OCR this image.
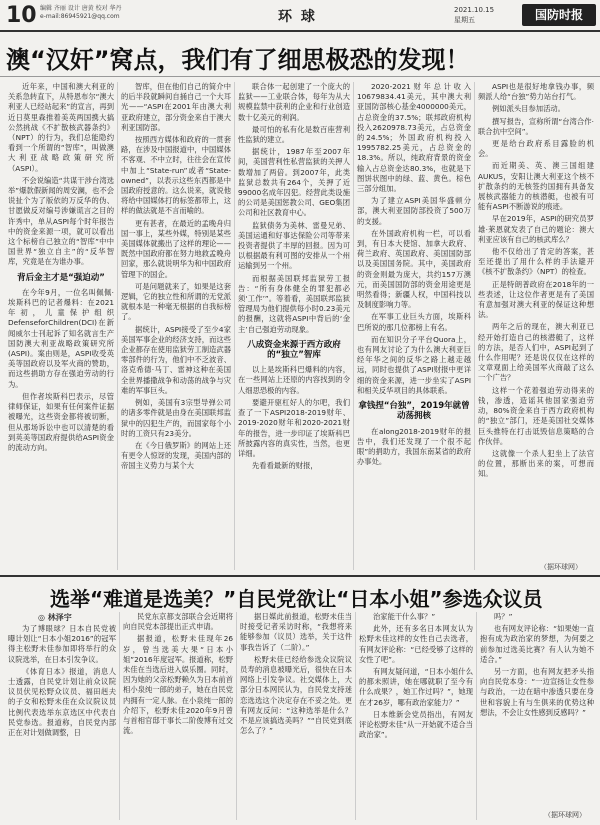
10 编辑 齐丽 设计 唐黄 校对 华丹
e-mail:86945921@qq.com	环 球	2021.10.15
星期五	国防时报
澳“汉奸”窝点，我们有了细思极恐的发现！

近年来，中国和澳大利亚的关系急转直下，从特恩布尔“澳大利亚人已经站起来”的宣言，再到近日莫里森推着美英两国携大搞公然挑战《不扩散核武器条约》（NPT）的行为，我们总能隐约看到一个所谓的“智库”，叫做澳大利亚战略政策研究所（ASPI）。

不会说编造“共谋干涉台湾选举”爆款假新闻的周安澜，也不会说扯个为了版依的万反华的伪、甘愿做反对编号涉嫌谎言之目的许秀中，单从ASPI每个时年报告中的资金来源一项，就可以看出这个标榜自己独立的“智库”中中国世界“独立自主”的“反华智库，究竟是在为谁办事。

背后金主才是“强迫动”

在今年9月，一位名叫佩佩·埃斯科巴的记者爆料：在2021年初，儿童保护组织DefenseforChildren(DCI)在新闻威尔士刊起诉了知名就言生产国防澳大利亚战略政策研究所(ASPI)。案由则是，ASPI收受英美等国政府以及军火商的赞助，而这些捐助方存在强迫劳动的行为。

但作者埃斯科巴表示，尽管律师保证，如果有任何案件证据被曝光，这些资金都将被切断，但从那场诉讼中也可以清楚的看到英美等国政府提供给ASPI资金的流动方向。

智库，但在他们自己的简介中的后半段就瞬间自捅自己一个大耳光——“ASPI在2001年由澳大利亚政府建立，部分资金来自于澳大利亚国防部。

按照西方媒体和政府的一贯套路，在涉及中国报道中，中国媒体不客观、不中立时，往往会在宣传中加上“State-run”或者“State-owned”，以表示这些东西都是中国政府授意的。这么说来，就说他将给中国媒体打的标签都带上，这样的做法就是不言而喻的。

更有甚者，在最近的孟晚舟归国一事上，某些外媒，特别是某些美国媒体就搬出了这样的理论——既然中国政府都在努力地救孟晚舟回家，那么就说明华为和中国政府管理下的国企。

可是问题就来了，如果是这套逻辑，它的独立性和所谓的无党派就根本是一种毫无根据的自我标榜了。

据统计，ASPI接受了至少4家美国军事企业的经济支持，而这些企业都存在使用监狱劳工制造武器零部件的行为，他们中不乏波音、洛克希德·马丁、雷神这种在美国全世界播撒战争和动荡的战争与灾难的军事巨头。

例如，美国有3宗型导弹公司的诸多零件就是由身在美国联邦监狱中的囚犯生产的，而国家每个小时的工资只有23美分。

在《今日俄罗斯》的网站上还有更令人惊讶的发现，美国内部的帝国主义势力与某个大

联合体一起创建了一个庞大的监狱——工业联合体，每年为从大规模监禁中获利的企业和行业创造数十亿美元的利润。

最可怕的私有化是数百座营利性监狱的建立。

据统计，1987年至2007年间，美国营利性私营监狱的关押人数增加了两倍。到2007年，此类监狱总数共有264个，关押了近99000名成年囚犯。经营此类设施的公司是美国惩教公司、GEO集团公司和社区教育中心。

监狱债务为美林、雷曼兄弟、美国运通和好事达保险公司等带来投资者提供了丰厚的回报。因为可以根据最有利可图的安排从一个州运输到另一个州。

而根据美国联邦监狱劳工报告：“所有身体健全的罪犯都必须‘工作’”。等着看，美国联邦监狱管理局为他们提供每小时0.23美元的报酬，这就将ASPI中背后的‘金主’自己强迫劳动现象。

八成资金来源于西方政府的“独立”智库

以上是埃斯科巴爆料的内容，在一些网站上还原的内容找到的令人细思恐极的内容。

要避开驱杠好人的尔吧，我们查了一下ASPI2018-2019财年、2019-2020财年和2020-2021财年的报告，进一步印证了埃斯科巴所披露内容的真实性，当然，也更详细。

先看看最新的财报，

2020-2021财年总计收入10679834.41美元，其中澳大利亚国防部核心基金4000000美元，占总资金的37.5%；联邦政府机构投入2620978.73美元，占总资金的24.5%；外国政府机构投入1995782.25美元，占总资金的18.3%。所以，纯政府背景的资金输入占总资金达80.3%，也就是下图饼状图中的绿、蓝、黄色。棕色三部分组加。

为了建立ASPI美国华盛顿分部，澳大利亚国防部投资了500万的支援。

在外国政府机构一栏，可以看到，有日本大使馆、加拿大政府、荷兰政府、英国政府、美国国防部以及美国国务院。其中，美国政府的资金则最为庞大，共约157万澳元，而美国国防部的资金用途更是明然看得；新疆人权，中国科技以及制度影响力等。

在军事工业巨头方面，埃斯科巴所说的那几位都榜上有名。

而在知识分子平台Quora上，也有网友讨论了为什么澳大利亚巨经年华之间的反华之路上越走越远，同时也提供了ASPI财报中更详细的资金来源，进一步坐实了ASPI和相关反华项目的具体联系。

拿钱捏“台独”，2019年就曾动荡拥核

在along2018-2019财年的报告中，我们还发现了一个很不起眼”的捐助方，我国东南某省的政府办事处。

ASPI也是很好地拿钱办事，频频派人给“台独”势力站台打气。

例如派头目参加活动。

撰写报告，宣称所谓“台湾合作·联合抗中空间”。

更是给台政府系目露脸的机会。

而近期美、英、澳三国组建AUKUS，安阳让澳大利亚这个核不扩散条约的无核签约国拥有具备发展核武器能力的核潜艇，也被有可能有ASPI不断游说的痕迹。

早在2019年，ASPI的研究员罗雄·莱恩就发表了自己的题论：澳大利亚应该有自己的核武库么？

他不仅给出了肯定的答案，甚至还提出了用什么样的手法避开《核不扩散条约》（NPT）的检查。

正是特朗普政府在2018年的一些表述，让这位作者更是有了美国有意加强对澳大利亚的保证这种想法。

两年之后的现在，澳大利亚已经开始打造自己的核潜艇了，这样的方法，是否人们中，ASPI起到了什么作用呢？还是说仅仅在这样的文章观面上给美国军火商敲了这么一个广告？

这样一个花着强迫劳动得来的钱，渗透，造谣其他国家强迫劳动，80%资金来自于西方政府机构的“独立”部门，还是美国社交媒体巨头推特在打击诋毁信息策略的合作伙伴。

这就像一个杀人犯坐上了法官的位置，那断出来的案，可想而知。

（据环球网）
选举“难道是选美？”自民党欲让“日本小姐”参选众议员
◎ 林泽宇

为了博眼球？日本自民党被曝计划让“日本小姐2016”的冠军得主松野未佳参加即将举行的众议院选举，在日本引发争议。

《体育日本》报道，消息人士透露，自民党计划让前众议院议员伏见松野众议员、福田赳夫的子女和松野未佳在众议院议员比例代表选举东京选区中代表自民党参选。报道称，自民党内部正在对计划做调整，日

民党东京都支部联合会近期将向自民党本部提出正式申请。

据报道，松野未佳现年26岁，曾当选美大果“日本小姐”2016年度冠军。报道称，松野未佳在当选后进入娱乐圈。同时，因为她的父亲松野赖久为日本前首相小泉纯一郎的弟子，她在自民党内拥有一定人脉。在小泉纯一郎的介绍下，松野未佳2020年9月曾与首相官邸干事长二阶俊博有过交流。

据日媒此前报道，松野未佳当时接受记者采访时称，“我想将来能够参加（议员）选举，关于这件事我告诉了（二阶）。”

松野未佳已经给参选众议院议员寿的消息被曝光后，很快在日本网络上引发争议。社交媒体上，大部分日本网民认为，自民党支持迷恋选选这个决定存在不妥之处。更有网友反问：“这种选举是什么？不是应该搞选美吗？”“自民党到底怎么了？”

治家能干什么事？”

此外，还有多名日本网友认为松野未佳这样的女性自己去选者，有网友评论称：“已经受够了这样的女性了吧”。

有网友疑问道，“日本小姐什么的都未照讲，她在哪就职了至今有什么成果？，她工作过吗？”，她现在才26岁，哪有政治家能力？”

日本维新会党员指出，有网友评论松野未佳“从一开始就不适合当政治家”。

吗？”

也有网友评论称：“如果她一直抱有成为政治家的梦想，为何要之前参加过选美比赛？有人认为她不适合。”

另一方面，也有网友把矛头指向自民党本身：“一边宣扬让女性参与政治，一边在暗中渗透只要在身世和容貌上有与生俱来的优势这种想法，不会让女性感到反感吗？”

（据环球网）
